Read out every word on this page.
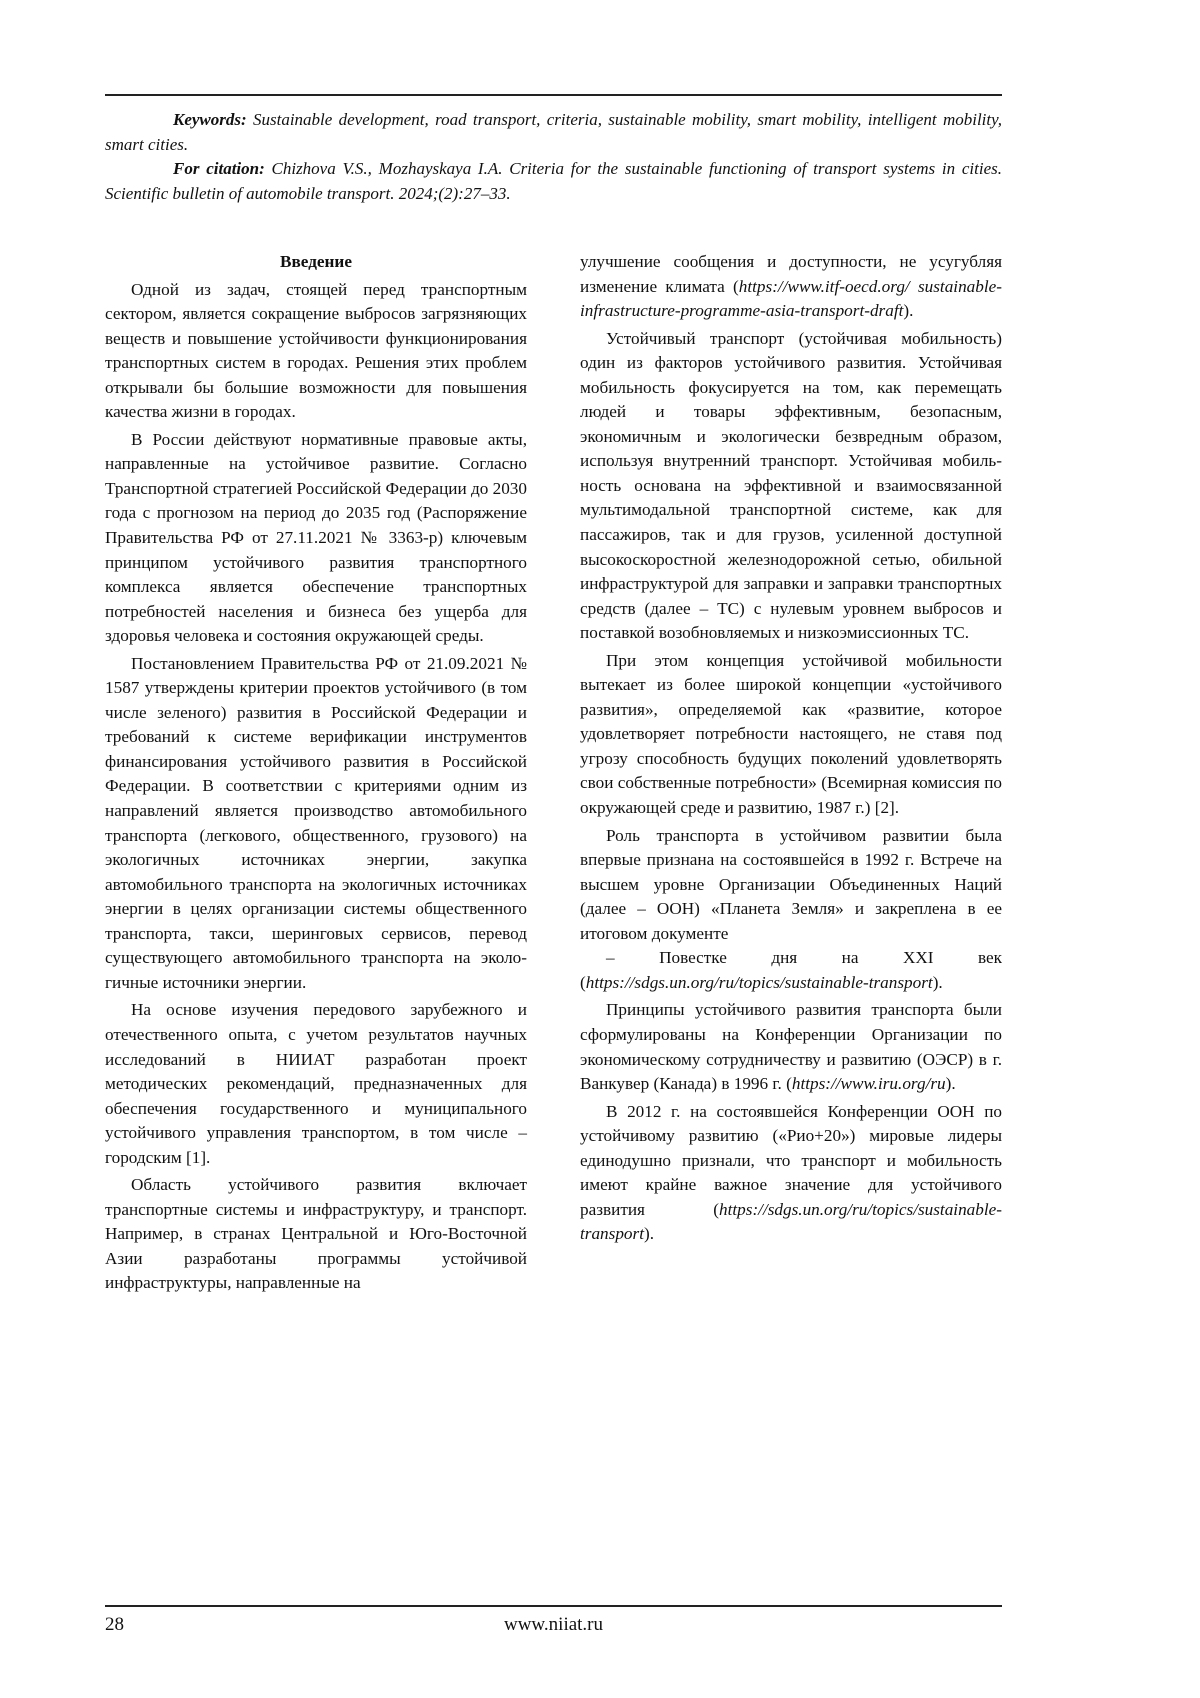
Keywords: Sustainable development, road transport, criteria, sustainable mobility, smart mobility, intelligent mobility, smart cities.

For citation: Chizhova V.S., Mozhayskaya I.A. Criteria for the sustainable functioning of transport systems in cities. Scientific bulletin of automobile transport. 2024;(2):27–33.

Введение

Одной из задач, стоящей перед транспортным сектором, является сокращение выбросов загрязняющих веществ и повышение устойчивости функционирования транспортных систем в городах. Решения этих проблем открывали бы большие возможности для повышения качества жизни в городах.

В России действуют нормативные правовые акты, направленные на устойчивое развитие. Согласно Транспортной стратегией Российской Федерации до 2030 года с прогнозом на период до 2035 год (Распоряжение Правительства РФ от 27.11.2021 № 3363-р) ключевым принципом устойчивого развития транспортного комплекса является обеспечение транспортных потребностей населения и бизнеса без ущерба для здоровья человека и состояния окружающей среды.

Постановлением Правительства РФ от 21.09.2021 № 1587 утверждены критерии проектов устойчивого (в том числе зеленого) развития в Российской Федерации и требований к системе верификации инструментов финансирования устойчивого развития в Российской Федерации. В соответствии с критериями одним из направлений является производство автомобильного транспорта (легкового, общественного, грузового) на экологичных источниках энергии, закупка автомобильного транспорта на экологичных источниках энергии в целях организации системы общественного транспорта, такси, шеринговых сервисов, перевод существующего автомобильного транспорта на экологичные источники энергии.

На основе изучения передового зарубежного и отечественного опыта, с учетом результатов научных исследований в НИИАТ разработан проект методических рекомендаций, предназначенных для обеспечения государственного и муниципального устойчивого управления транспортом, в том числе – городским [1].

Область устойчивого развития включает транспортные системы и инфраструктуру, и транспорт. Например, в странах Центральной и Юго-Восточной Азии разработаны программы устойчивой инфраструктуры, направленные на

улучшение сообщения и доступности, не усугубляя изменение климата (https://www.itf-oecd.org/ sustainable-infrastructure-programme-asia-transport-draft).

Устойчивый транспорт (устойчивая мобильность) один из факторов устойчивого развития. Устойчивая мобильность фокусируется на том, как перемещать людей и товары эффективным, безопасным, экономичным и экологически безвредным образом, используя внутренний транспорт. Устойчивая мобильность основана на эффективной и взаимосвязанной мультимодальной транспортной системе, как для пассажиров, так и для грузов, усиленной доступной высокоскоростной железнодорожной сетью, обильной инфраструктурой для заправки и заправки транспортных средств (далее – ТС) с нулевым уровнем выбросов и поставкой возобновляемых и низкоэмиссионных ТС.

При этом концепция устойчивой мобильности вытекает из более широкой концепции «устойчивого развития», определяемой как «развитие, которое удовлетворяет потребности настоящего, не ставя под угрозу способность будущих поколений удовлетворять свои собственные потребности» (Всемирная комиссия по окружающей среде и развитию, 1987 г.) [2].

Роль транспорта в устойчивом развитии была впервые признана на состоявшейся в 1992 г. Встрече на высшем уровне Организации Объединенных Наций (далее – ООН) «Планета Земля» и закреплена в ее итоговом документе

– Повестке дня на XXI век (https://sdgs.un.org/ru/topics/sustainable-transport).

Принципы устойчивого развития транспорта были сформулированы на Конференции Организации по экономическому сотрудничеству и развитию (ОЭСР) в г. Ванкувер (Канада) в 1996 г. (https://www.iru.org/ru).

В 2012 г. на состоявшейся Конференции ООН по устойчивому развитию («Рио+20») мировые лидеры единодушно признали, что транспорт и мобильность имеют крайне важное значение для устойчивого развития (https://sdgs.un.org/ru/topics/sustainable-transport).

28	www.niiat.ru
